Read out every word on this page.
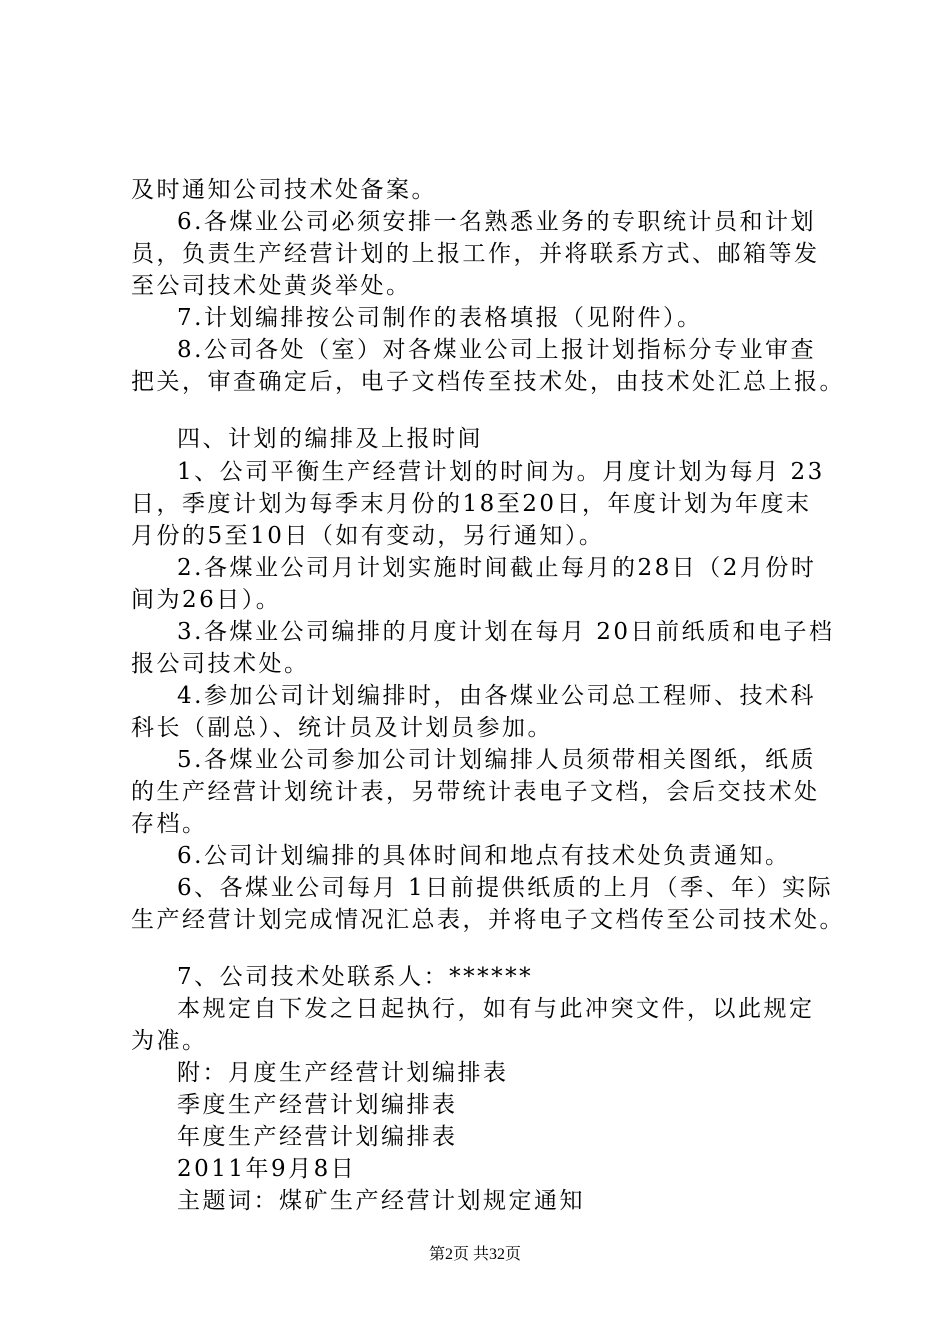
及时通知公司技术处备案。
6.各煤业公司必须安排一名熟悉业务的专职统计员和计划
员，负责生产经营计划的上报工作，并将联系方式、邮箱等发
至公司技术处黄炎举处。
7.计划编排按公司制作的表格填报（见附件）。
8.公司各处（室）对各煤业公司上报计划指标分专业审查
把关，审查确定后，电子文档传至技术处，由技术处汇总上报。
四、计划的编排及上报时间
1、公司平衡生产经营计划的时间为。月度计划为每月 23
日，季度计划为每季末月份的18至20日，年度计划为年度末
月份的5至10日（如有变动，另行通知）。
2.各煤业公司月计划实施时间截止每月的28日（2月份时
间为26日）。
3.各煤业公司编排的月度计划在每月 20日前纸质和电子档
报公司技术处。
4.参加公司计划编排时，由各煤业公司总工程师、技术科
科长（副总）、统计员及计划员参加。
5.各煤业公司参加公司计划编排人员须带相关图纸，纸质
的生产经营计划统计表，另带统计表电子文档，会后交技术处
存档。
6.公司计划编排的具体时间和地点有技术处负责通知。
6、各煤业公司每月 1日前提供纸质的上月（季、年）实际
生产经营计划完成情况汇总表，并将电子文档传至公司技术处。
7、公司技术处联系人：******
本规定自下发之日起执行，如有与此冲突文件，以此规定
为准。
附：月度生产经营计划编排表
季度生产经营计划编排表
年度生产经营计划编排表
2011年9月8日
主题词：煤矿生产经营计划规定通知
第2页 共32页
